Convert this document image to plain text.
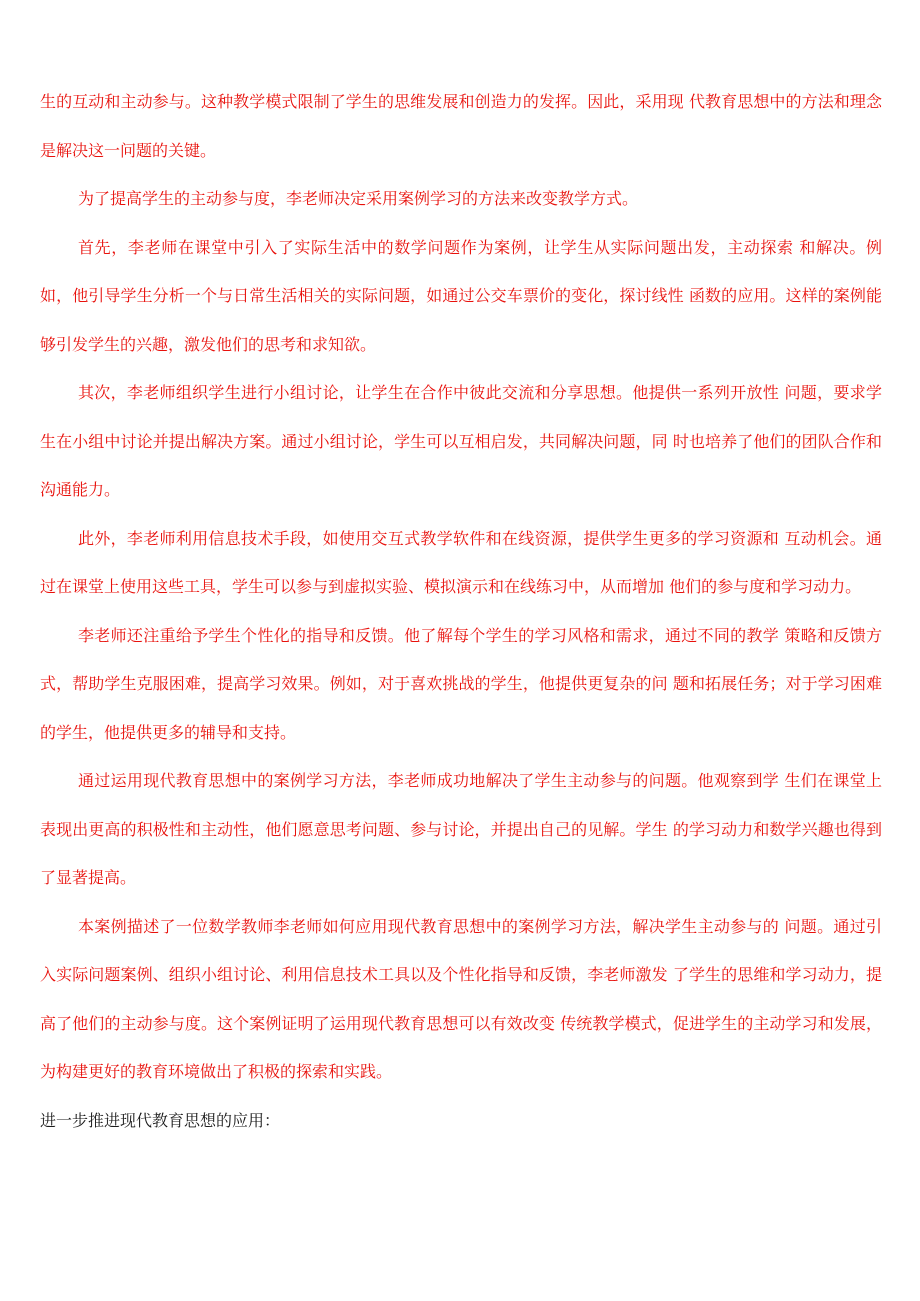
生的互动和主动参与。这种教学模式限制了学生的思维发展和创造力的发挥。因此，采用现 代教育思想中的方法和理念是解决这一问题的关键。

为了提高学生的主动参与度，李老师决定采用案例学习的方法来改变教学方式。

首先，李老师在课堂中引入了实际生活中的数学问题作为案例，让学生从实际问题出发，主动探索 和解决。例如，他引导学生分析一个与日常生活相关的实际问题，如通过公交车票价的变化，探讨线性 函数的应用。这样的案例能够引发学生的兴趣，激发他们的思考和求知欲。

其次，李老师组织学生进行小组讨论，让学生在合作中彼此交流和分享思想。他提供一系列开放性 问题，要求学生在小组中讨论并提出解决方案。通过小组讨论，学生可以互相启发，共同解决问题，同 时也培养了他们的团队合作和沟通能力。

此外，李老师利用信息技术手段，如使用交互式教学软件和在线资源，提供学生更多的学习资源和 互动机会。通过在课堂上使用这些工具，学生可以参与到虚拟实验、模拟演示和在线练习中，从而增加 他们的参与度和学习动力。

李老师还注重给予学生个性化的指导和反馈。他了解每个学生的学习风格和需求，通过不同的教学 策略和反馈方式，帮助学生克服困难，提高学习效果。例如，对于喜欢挑战的学生，他提供更复杂的问 题和拓展任务；对于学习困难的学生，他提供更多的辅导和支持。

通过运用现代教育思想中的案例学习方法，李老师成功地解决了学生主动参与的问题。他观察到学 生们在课堂上表现出更高的积极性和主动性，他们愿意思考问题、参与讨论，并提出自己的见解。学生 的学习动力和数学兴趣也得到了显著提高。

本案例描述了一位数学教师李老师如何应用现代教育思想中的案例学习方法，解决学生主动参与的 问题。通过引入实际问题案例、组织小组讨论、利用信息技术工具以及个性化指导和反馈，李老师激发 了学生的思维和学习动力，提高了他们的主动参与度。这个案例证明了运用现代教育思想可以有效改变 传统教学模式，促进学生的主动学习和发展，为构建更好的教育环境做出了积极的探索和实践。

进一步推进现代教育思想的应用：
